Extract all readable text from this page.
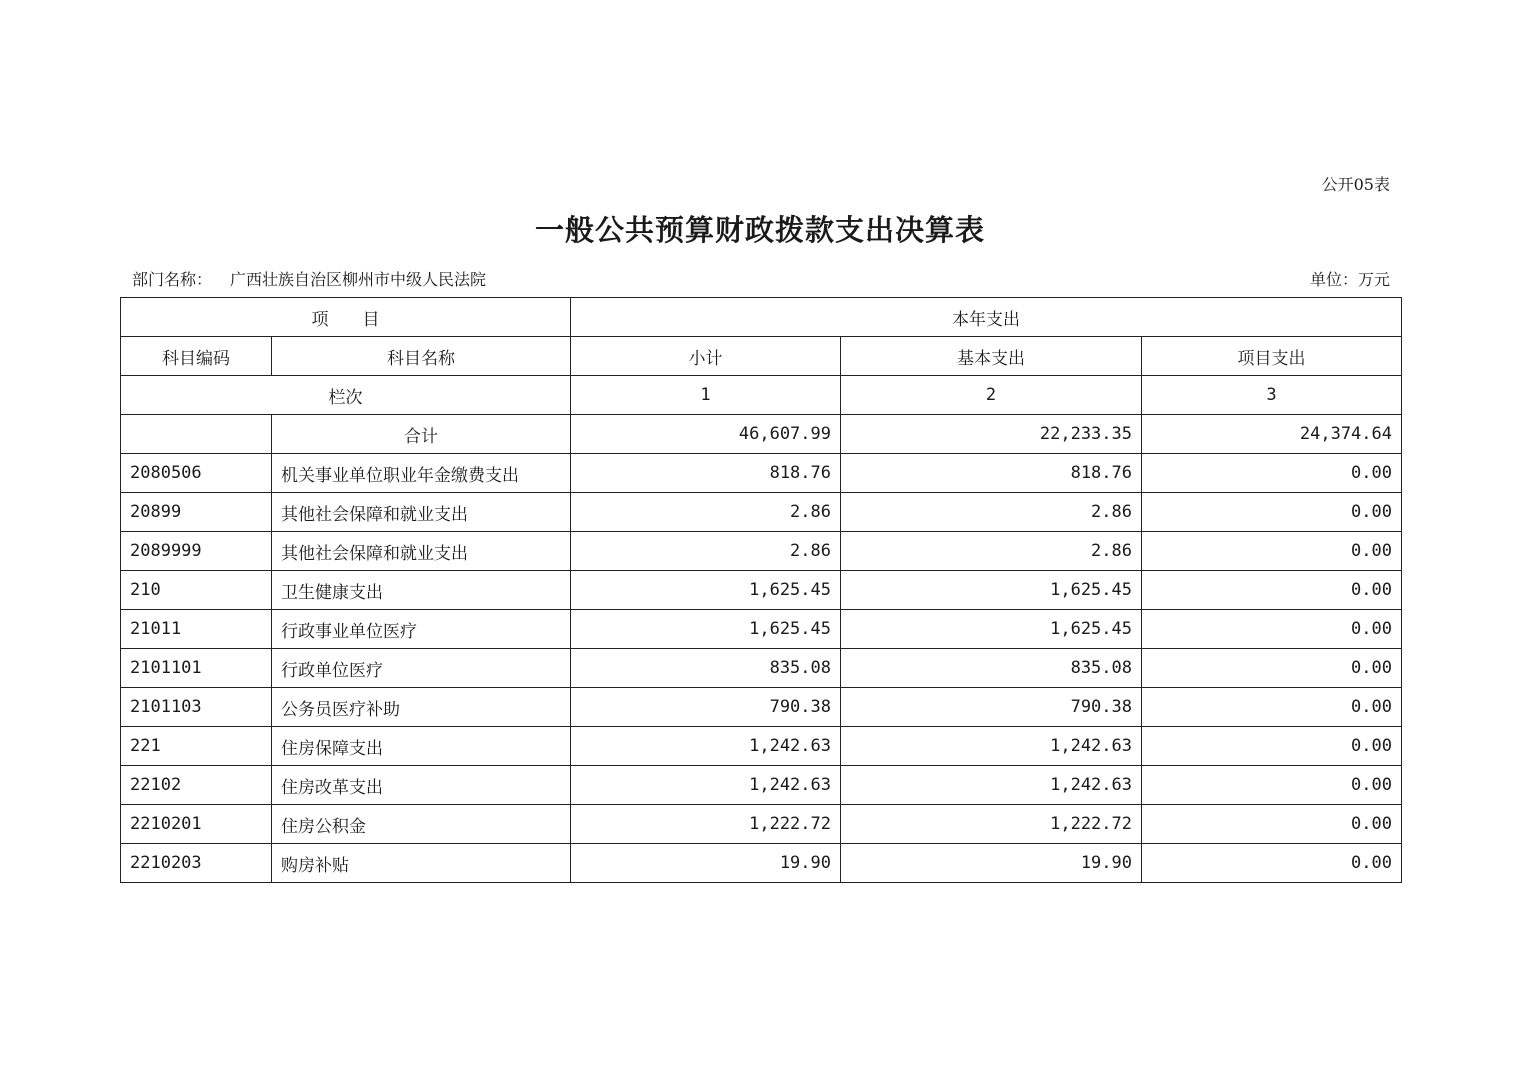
公开05表
一般公共预算财政拨款支出决算表
部门名称： 广西壮族自治区柳州市中级人民法院	单位：万元
项　　目		本年支出		
科目编码	科目名称	小计	基本支出	项目支出
栏次		1	2	3
	合计	46,607.99	22,233.35	24,374.64
2080506	机关事业单位职业年金缴费支出	818.76	818.76	0.00
20899	其他社会保障和就业支出	2.86	2.86	0.00
2089999	其他社会保障和就业支出	2.86	2.86	0.00
210	卫生健康支出	1,625.45	1,625.45	0.00
21011	行政事业单位医疗	1,625.45	1,625.45	0.00
2101101	行政单位医疗	835.08	835.08	0.00
2101103	公务员医疗补助	790.38	790.38	0.00
221	住房保障支出	1,242.63	1,242.63	0.00
22102	住房改革支出	1,242.63	1,242.63	0.00
2210201	住房公积金	1,222.72	1,222.72	0.00
2210203	购房补贴	19.90	19.90	0.00
